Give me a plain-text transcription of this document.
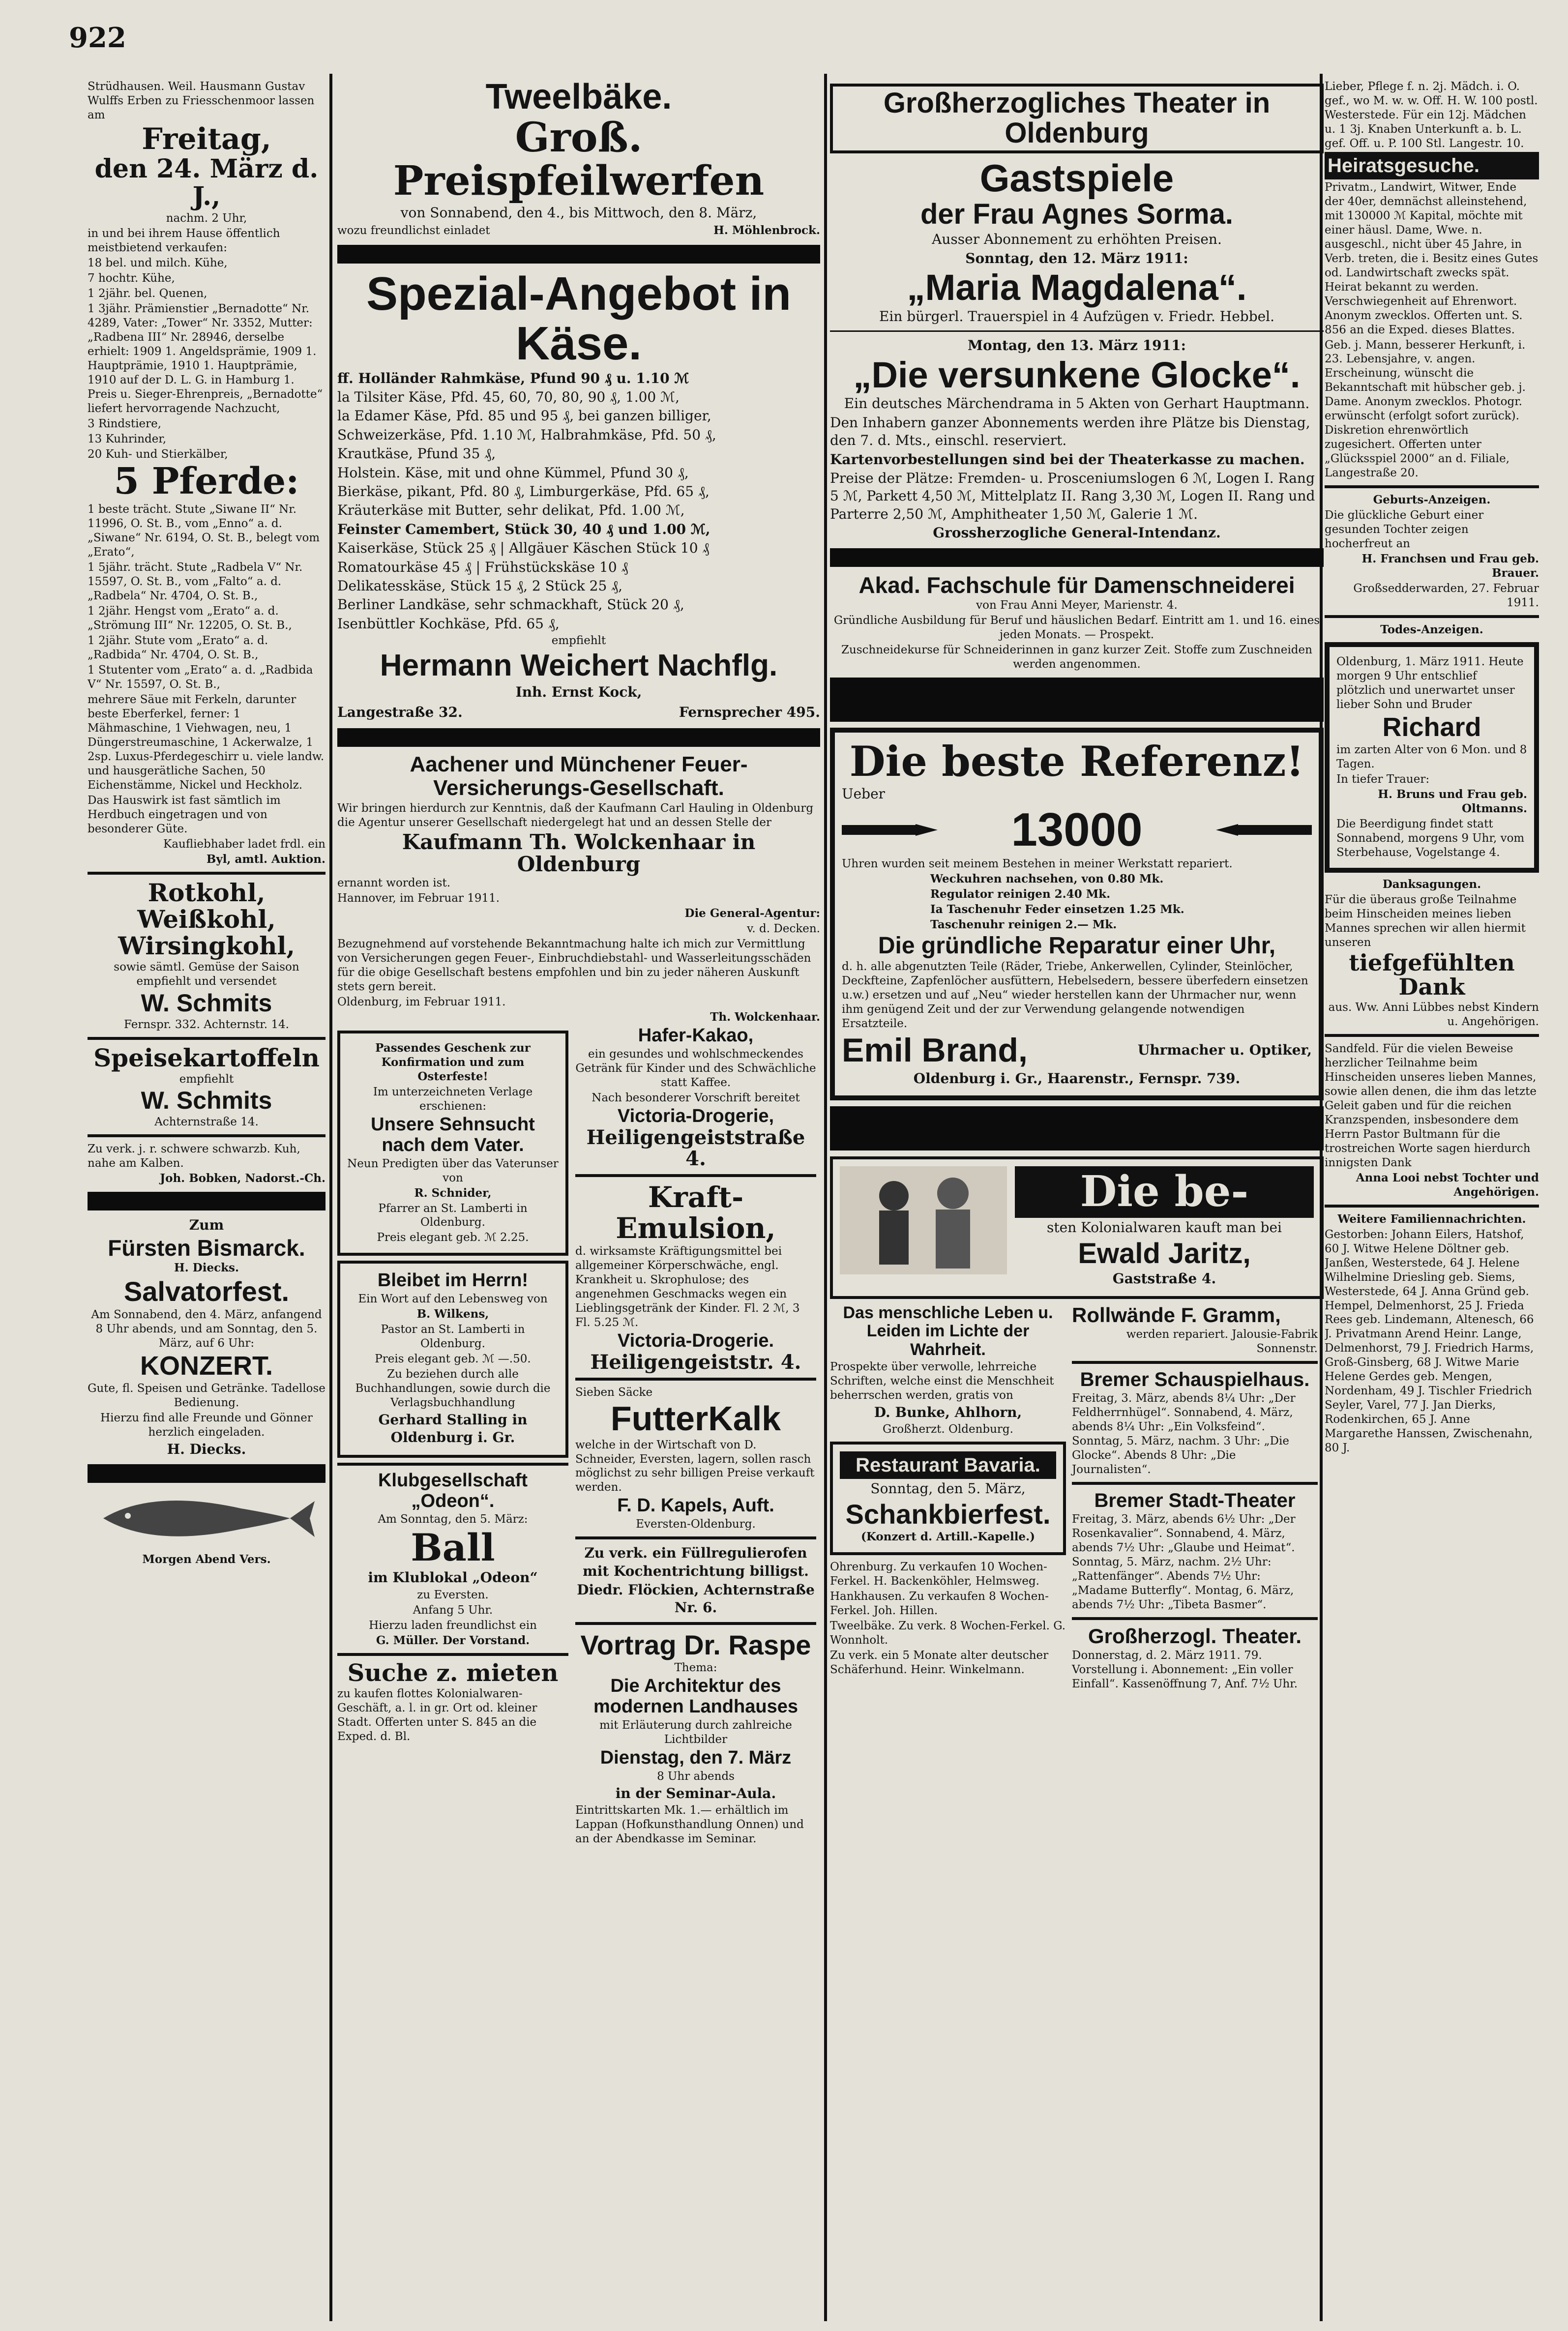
922

Strüdhausen. Weil. Hausmann Gustav Wulffs Erben zu Friesschenmoor lassen am

Freitag,
den 24. März d. J.,

nachm. 2 Uhr,

in und bei ihrem Hause öffentlich meistbietend verkaufen:

18 bel. und milch. Kühe,

7 hochtr. Kühe,

1 2jähr. bel. Quenen,

1 3jähr. Prämienstier „Bernadotte“ Nr. 4289, Vater: „Tower“ Nr. 3352, Mutter: „Radbena III“ Nr. 28946, derselbe erhielt: 1909 1. Angeldsprämie, 1909 1. Hauptprämie, 1910 1. Hauptprämie, 1910 auf der D. L. G. in Hamburg 1. Preis u. Sieger-Ehrenpreis, „Bernadotte“ liefert hervorragende Nachzucht,

3 Rindstiere,

13 Kuhrinder,

20 Kuh- und Stierkälber,

5 Pferde:

1 beste trächt. Stute „Siwane II“ Nr. 11996, O. St. B., vom „Enno“ a. d. „Siwane“ Nr. 6194, O. St. B., belegt vom „Erato“,

1 5jähr. trächt. Stute „Radbela V“ Nr. 15597, O. St. B., vom „Falto“ a. d. „Radbela“ Nr. 4704, O. St. B.,

1 2jähr. Hengst vom „Erato“ a. d. „Strömung III“ Nr. 12205, O. St. B.,

1 2jähr. Stute vom „Erato“ a. d. „Radbida“ Nr. 4704, O. St. B.,

1 Stutenter vom „Erato“ a. d. „Radbida V“ Nr. 15597, O. St. B.,

mehrere Säue mit Ferkeln, darunter beste Eberferkel, ferner: 1 Mähmaschine, 1 Viehwagen, neu, 1 Düngerstreumaschine, 1 Ackerwalze, 1 2sp. Luxus-Pferdegeschirr u. viele landw. und hausgerätliche Sachen, 50 Eichenstämme, Nickel und Heckholz.

Das Hauswirk ist fast sämtlich im Herdbuch eingetragen und von besonderer Güte.

Kaufliebhaber ladet frdl. ein

Byl, amtl. Auktion.

Rotkohl, Weißkohl, Wirsingkohl,

sowie sämtl. Gemüse der Saison empfiehlt und versendet

W. Schmits

Fernspr. 332. Achternstr. 14.

Speisekartoffeln

empfiehlt

W. Schmits

Achternstraße 14.

Zu verk. j. r. schwere schwarzb. Kuh, nahe am Kalben.

Joh. Bobken, Nadorst.-Ch.

Zum

Fürsten Bismarck.

H. Diecks.

Salvatorfest.

Am Sonnabend, den 4. März, anfangend 8 Uhr abends, und am Sonntag, den 5. März, auf 6 Uhr:

KONZERT.

Gute, fl. Speisen und Getränke. Tadellose Bedienung.

Hierzu find alle Freunde und Gönner herzlich eingeladen.

H. Diecks.

Morgen Abend Vers.

Tweelbäke.
Groß. Preispfeilwerfen

von Sonnabend, den 4., bis Mittwoch, den 8. März,

wozu freundlichst einladet	H. Möhlenbrock.
Spezial-Angebot in Käse.

ff. Holländer Rahmkäse, Pfund 90 ₰ u. 1.10 ℳ

la Tilsiter Käse, Pfd. 45, 60, 70, 80, 90 ₰, 1.00 ℳ,

la Edamer Käse, Pfd. 85 und 95 ₰, bei ganzen billiger,

Schweizerkäse, Pfd. 1.10 ℳ, Halbrahmkäse, Pfd. 50 ₰,

Krautkäse, Pfund 35 ₰,

Holstein. Käse, mit und ohne Kümmel, Pfund 30 ₰,

Bierkäse, pikant, Pfd. 80 ₰, Limburgerkäse, Pfd. 65 ₰,

Kräuterkäse mit Butter, sehr delikat, Pfd. 1.00 ℳ,

Feinster Camembert, Stück 30, 40 ₰ und 1.00 ℳ,

Kaiserkäse, Stück 25 ₰ | Allgäuer Käschen Stück 10 ₰

Romatourkäse 45 ₰ | Frühstückskäse 10 ₰

Delikatesskäse, Stück 15 ₰, 2 Stück 25 ₰,

Berliner Landkäse, sehr schmackhaft, Stück 20 ₰,

Isenbüttler Kochkäse, Pfd. 65 ₰,

empfiehlt

Hermann Weichert Nachflg.

Inh. Ernst Kock,

Langestraße 32.	Fernsprecher 495.
Aachener und Münchener Feuer-Versicherungs-Gesellschaft.

Wir bringen hierdurch zur Kenntnis, daß der Kaufmann Carl Hauling in Oldenburg die Agentur unserer Gesellschaft niedergelegt hat und an dessen Stelle der

Kaufmann Th. Wolckenhaar in Oldenburg

ernannt worden ist.

Hannover, im Februar 1911.

Die General-Agentur:

v. d. Decken.

Bezugnehmend auf vorstehende Bekanntmachung halte ich mich zur Vermittlung von Versicherungen gegen Feuer-, Einbruchdiebstahl- und Wasserleitungsschäden für die obige Gesellschaft bestens empfohlen und bin zu jeder näheren Auskunft stets gern bereit.

Oldenburg, im Februar 1911.

Th. Wolckenhaar.

Passendes Geschenk zur Konfirmation und zum Osterfeste!

Im unterzeichneten Verlage erschienen:

Unsere Sehnsucht nach dem Vater.

Neun Predigten über das Vaterunser von

R. Schnider,

Pfarrer an St. Lamberti in Oldenburg.

Preis elegant geb. ℳ 2.25.

Bleibet im Herrn!

Ein Wort auf den Lebensweg von

B. Wilkens,

Pastor an St. Lamberti in Oldenburg.

Preis elegant geb. ℳ —.50.

Zu beziehen durch alle Buchhandlungen, sowie durch die Verlagsbuchhandlung

Gerhard Stalling in Oldenburg i. Gr.

Klubgesellschaft „Odeon“.

Am Sonntag, den 5. März:

Ball

im Klublokal „Odeon“

zu Eversten.

Anfang 5 Uhr.

Hierzu laden freundlichst ein

G. Müller. Der Vorstand.

Suche z. mieten

zu kaufen flottes Kolonialwaren-Geschäft, a. l. in gr. Ort od. kleiner Stadt. Offerten unter S. 845 an die Exped. d. Bl.

Hafer-Kakao,

ein gesundes und wohlschmeckendes Getränk für Kinder und des Schwächliche statt Kaffee.

Nach besonderer Vorschrift bereitet

Victoria-Drogerie,
Heiligengeiststraße 4.
Kraft-Emulsion,

d. wirksamste Kräftigungsmittel bei allgemeiner Körperschwäche, engl. Krankheit u. Skrophulose; des angenehmen Geschmacks wegen ein Lieblingsgetränk der Kinder. Fl. 2 ℳ, 3 Fl. 5.25 ℳ.

Victoria-Drogerie.
Heiligengeiststr. 4.

Sieben Säcke

FutterKalk

welche in der Wirtschaft von D. Schneider, Eversten, lagern, sollen rasch möglichst zu sehr billigen Preise verkauft werden.

F. D. Kapels, Auft.

Eversten-Oldenburg.

Zu verk. ein Füllregulierofen mit Kochentrichtung billigst.

Diedr. Flöckien, Achternstraße Nr. 6.

Vortrag Dr. Raspe

Thema:

Die Architektur des modernen Landhauses

mit Erläuterung durch zahlreiche Lichtbilder

Dienstag, den 7. März

8 Uhr abends

in der Seminar-Aula.

Eintrittskarten Mk. 1.— erhältlich im Lappan (Hofkunsthandlung Onnen) und an der Abendkasse im Seminar.

Großherzogliches Theater in Oldenburg
Gastspiele
der Frau Agnes Sorma.

Ausser Abonnement zu erhöhten Preisen.

Sonntag, den 12. März 1911:

„Maria Magdalena“.

Ein bürgerl. Trauerspiel in 4 Aufzügen v. Friedr. Hebbel.

Montag, den 13. März 1911:

„Die versunkene Glocke“.

Ein deutsches Märchendrama in 5 Akten von Gerhart Hauptmann.

Den Inhabern ganzer Abonnements werden ihre Plätze bis Dienstag, den 7. d. Mts., einschl. reserviert.

Kartenvorbestellungen sind bei der Theaterkasse zu machen.

Preise der Plätze: Fremden- u. Prosceniumslogen 6 ℳ, Logen I. Rang 5 ℳ, Parkett 4,50 ℳ, Mittelplatz II. Rang 3,30 ℳ, Logen II. Rang und Parterre 2,50 ℳ, Amphitheater 1,50 ℳ, Galerie 1 ℳ.

Grossherzogliche General-Intendanz.

Akad. Fachschule für Damenschneiderei

von Frau Anni Meyer, Marienstr. 4.

Gründliche Ausbildung für Beruf und häuslichen Bedarf. Eintritt am 1. und 16. eines jeden Monats. — Prospekt.

Zuschneidekurse für Schneiderinnen in ganz kurzer Zeit. Stoffe zum Zuschneiden werden angenommen.

Die beste Referenz!

Ueber

13000

Uhren wurden seit meinem Bestehen in meiner Werkstatt repariert.

Weckuhren nachsehen, von 0.80 Mk.

Regulator reinigen 2.40 Mk.

Ia Taschenuhr Feder einsetzen 1.25 Mk.

Taschenuhr reinigen 2.— Mk.

Die gründliche Reparatur einer Uhr,

d. h. alle abgenutzten Teile (Räder, Triebe, Ankerwellen, Cylinder, Steinlöcher, Deckfteine, Zapfenlöcher ausfüttern, Hebelsedern, bessere überfedern einsetzen u.w.) ersetzen und auf „Neu“ wieder herstellen kann der Uhrmacher nur, wenn ihm genügend Zeit und der zur Verwendung gelangende notwendigen Ersatzteile.

Emil Brand,	Uhrmacher u. Optiker,

Oldenburg i. Gr., Haarenstr., Fernspr. 739.

Die be-

sten Kolonialwaren kauft man bei

Ewald Jaritz,

Gaststraße 4.

Das menschliche Leben u. Leiden im Lichte der Wahrheit.

Prospekte über verwolle, lehrreiche Schriften, welche einst die Menschheit beherrschen werden, gratis von

D. Bunke, Ahlhorn,

Großherzt. Oldenburg.

Restaurant Bavaria.

Sonntag, den 5. März,

Schankbierfest.

(Konzert d. Artill.-Kapelle.)

Ohrenburg. Zu verkaufen 10 Wochen-Ferkel. H. Backenköhler, Helmsweg.

Hankhausen. Zu verkaufen 8 Wochen-Ferkel. Joh. Hillen.

Tweelbäke. Zu verk. 8 Wochen-Ferkel. G. Wonnholt.

Zu verk. ein 5 Monate alter deutscher Schäferhund. Heinr. Winkelmann.

Rollwände F. Gramm,

werden repariert. Jalousie-Fabrik Sonnenstr.

Bremer Schauspielhaus.

Freitag, 3. März, abends 8¼ Uhr: „Der Feldherrnhügel“. Sonnabend, 4. März, abends 8¼ Uhr: „Ein Volksfeind“. Sonntag, 5. März, nachm. 3 Uhr: „Die Glocke“. Abends 8 Uhr: „Die Journalisten“.

Bremer Stadt-Theater

Freitag, 3. März, abends 6½ Uhr: „Der Rosenkavalier“. Sonnabend, 4. März, abends 7½ Uhr: „Glaube und Heimat“. Sonntag, 5. März, nachm. 2½ Uhr: „Rattenfänger“. Abends 7½ Uhr: „Madame Butterfly“. Montag, 6. März, abends 7½ Uhr: „Tibeta Basmer“.

Großherzogl. Theater.

Donnerstag, d. 2. März 1911. 79. Vorstellung i. Abonnement: „Ein voller Einfall“. Kassenöffnung 7, Anf. 7½ Uhr.

Lieber, Pflege f. n. 2j. Mädch. i. O. gef., wo M. w. w. Off. H. W. 100 postl. Westerstede. Für ein 12j. Mädchen u. 1 3j. Knaben Unterkunft a. b. L. gef. Off. u. P. 100 Stl. Langestr. 10.

Heiratsgesuche.

Privatm., Landwirt, Witwer, Ende der 40er, demnächst alleinstehend, mit 130000 ℳ Kapital, möchte mit einer häusl. Dame, Wwe. n. ausgeschl., nicht über 45 Jahre, in Verb. treten, die i. Besitz eines Gutes od. Landwirtschaft zwecks spät. Heirat bekannt zu werden. Verschwiegenheit auf Ehrenwort. Anonym zwecklos. Offerten unt. S. 856 an die Exped. dieses Blattes.

Geb. j. Mann, besserer Herkunft, i. 23. Lebensjahre, v. angen. Erscheinung, wünscht die Bekanntschaft mit hübscher geb. j. Dame. Anonym zwecklos. Photogr. erwünscht (erfolgt sofort zurück). Diskretion ehrenwörtlich zugesichert. Offerten unter „Glücksspiel 2000“ an d. Filiale, Langestraße 20.

Geburts-Anzeigen.

Die glückliche Geburt einer gesunden Tochter zeigen hocherfreut an

H. Franchsen und Frau geb. Brauer.

Großsedderwarden, 27. Februar 1911.

Todes-Anzeigen.

Oldenburg, 1. März 1911. Heute morgen 9 Uhr entschlief plötzlich und unerwartet unser lieber Sohn und Bruder

Richard

im zarten Alter von 6 Mon. und 8 Tagen.

In tiefer Trauer:

H. Bruns und Frau geb. Oltmanns.

Die Beerdigung findet statt Sonnabend, morgens 9 Uhr, vom Sterbehause, Vogelstange 4.

Danksagungen.

Für die überaus große Teilnahme beim Hinscheiden meines lieben Mannes sprechen wir allen hiermit unseren

tiefgefühlten Dank

aus. Ww. Anni Lübbes nebst Kindern u. Angehörigen.

Sandfeld. Für die vielen Beweise herzlicher Teilnahme beim Hinscheiden unseres lieben Mannes, sowie allen denen, die ihm das letzte Geleit gaben und für die reichen Kranzspenden, insbesondere dem Herrn Pastor Bultmann für die trostreichen Worte sagen hierdurch innigsten Dank

Anna Looi nebst Tochter und Angehörigen.

Weitere Familiennachrichten.

Gestorben: Johann Eilers, Hatshof, 60 J. Witwe Helene Döltner geb. Janßen, Westerstede, 64 J. Helene Wilhelmine Driesling geb. Siems, Westerstede, 64 J. Anna Gründ geb. Hempel, Delmenhorst, 25 J. Frieda Rees geb. Lindemann, Altenesch, 66 J. Privatmann Arend Heinr. Lange, Delmenhorst, 79 J. Friedrich Harms, Groß-Ginsberg, 68 J. Witwe Marie Helene Gerdes geb. Mengen, Nordenham, 49 J. Tischler Friedrich Seyler, Varel, 77 J. Jan Dierks, Rodenkirchen, 65 J. Anne Margarethe Hanssen, Zwischenahn, 80 J.
